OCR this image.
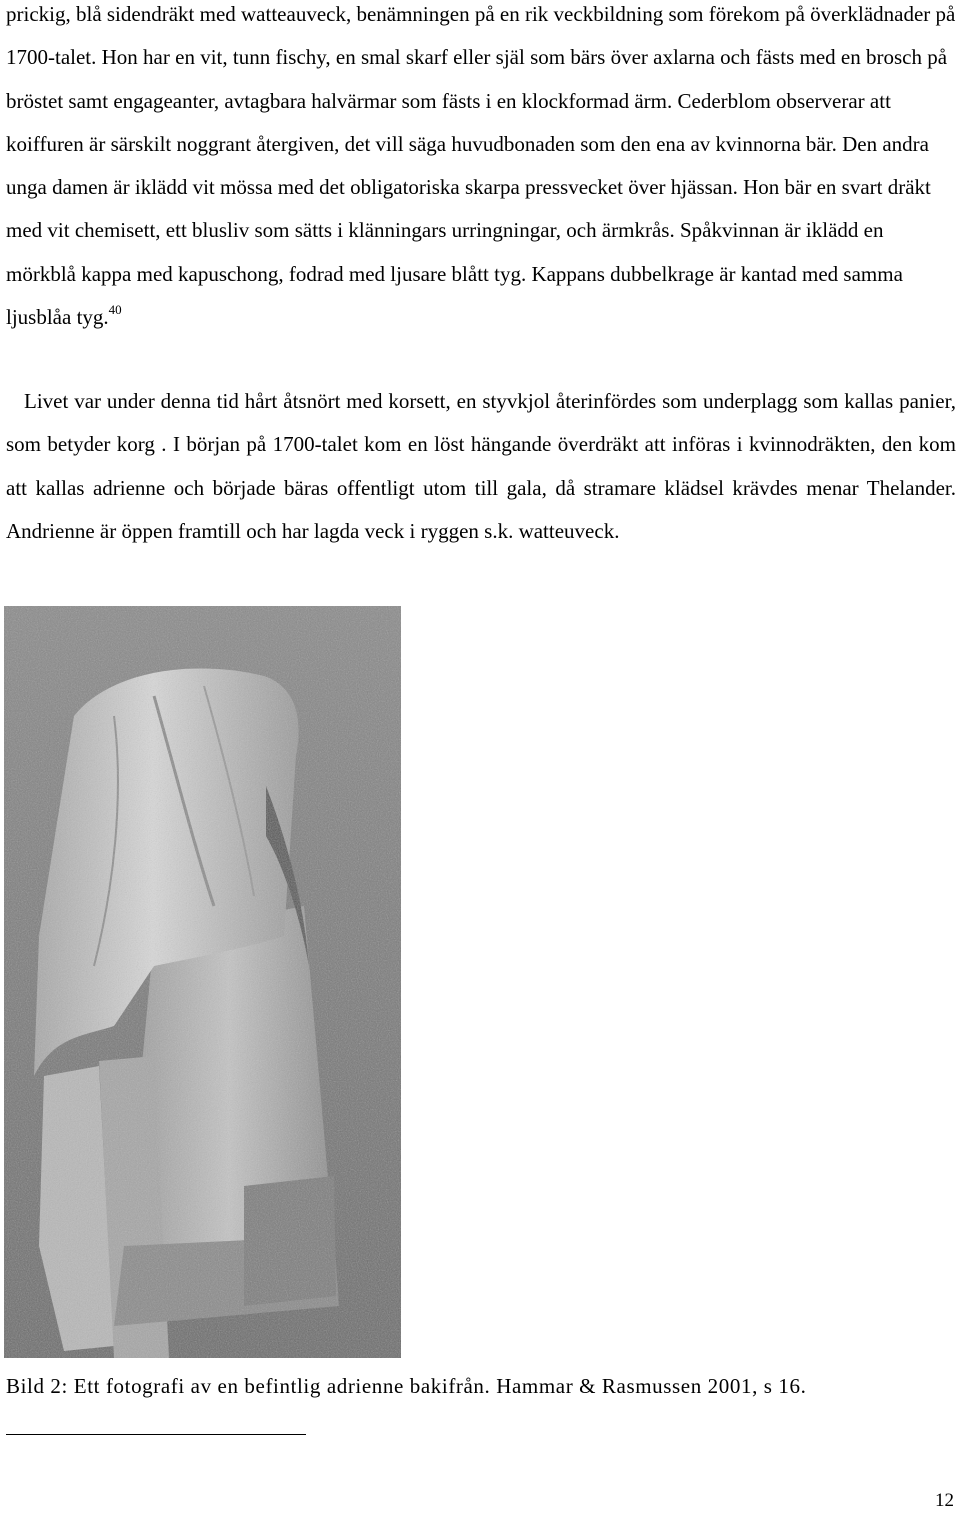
prickig, blå sidendräkt med watteauveck, benämningen på en rik veckbildning som förekom på överklädnader på 1700-talet. Hon har en vit, tunn fischy, en smal skarf eller själ som bärs över axlarna och fästs med en brosch på bröstet samt engageanter, avtagbara halvärmar som fästs i en klockformad ärm. Cederblom observerar att koiffuren är särskilt noggrant återgiven, det vill säga huvudbonaden som den ena av kvinnorna bär. Den andra unga damen är iklädd vit mössa med det obligatoriska skarpa pressvecket över hjässan. Hon bär en svart dräkt med vit chemisett, ett blusliv som sätts i klänningars urringningar, och ärmkrås. Spåkvinnan är iklädd en mörkblå kappa med kapuschong, fodrad med ljusare blått tyg. Kappans dubbelkrage är kantad med samma ljusblåa tyg.$^{40}$

Livet var under denna tid hårt åtsnört med korsett, en styvkjol återinfördes som underplagg som kallas panier, som betyder korg . I början på 1700-talet kom en löst hängande överdräkt att införas i kvinnodräkten, den kom att kallas adrienne och började bäras offentligt utom till gala, då stramare klädsel krävdes menar Thelander. Andrienne är öppen framtill och har lagda veck i ryggen s.k. watteuveck.

Bild 2: Ett fotografi av en befintlig adrienne bakifrån. Hammar & Rasmussen 2001, s 16.
12
